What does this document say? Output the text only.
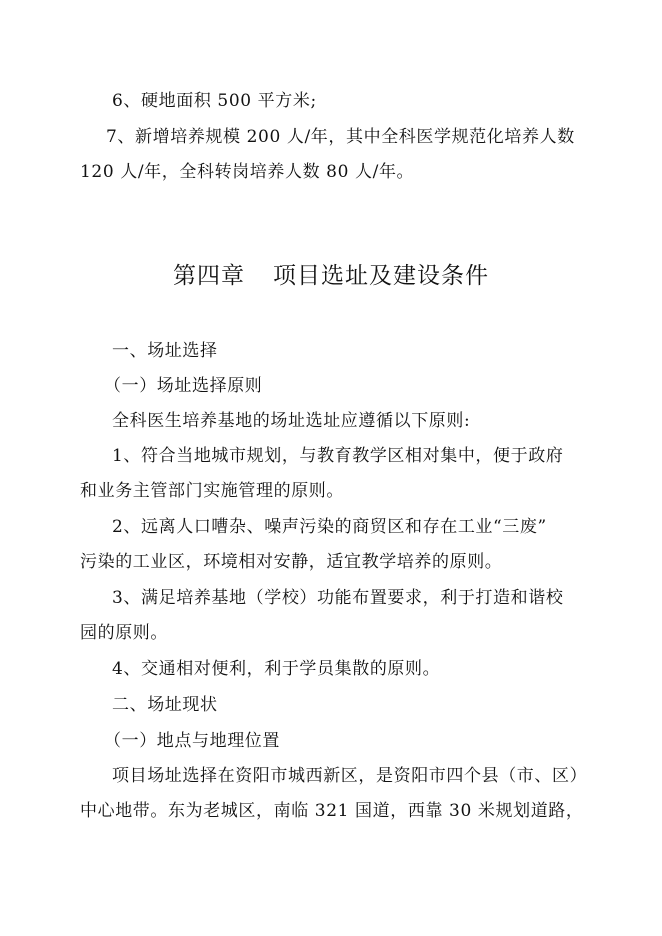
6、硬地面积 500 平方米;
7、新增培养规模 200 人/年，其中全科医学规范化培养人数
120 人/年，全科转岗培养人数 80 人/年。
第四章 项目选址及建设条件
一、场址选择
（一）场址选择原则
全科医生培养基地的场址选址应遵循以下原则:
1、符合当地城市规划，与教育教学区相对集中，便于政府
和业务主管部门实施管理的原则。
2、远离人口嘈杂、噪声污染的商贸区和存在工业“三废”
污染的工业区，环境相对安静，适宜教学培养的原则。
3、满足培养基地（学校）功能布置要求，利于打造和谐校
园的原则。
4、交通相对便利，利于学员集散的原则。
二、场址现状
（一）地点与地理位置
项目场址选择在资阳市城西新区，是资阳市四个县（市、区）
中心地带。东为老城区，南临 321 国道，西靠 30 米规划道路，
